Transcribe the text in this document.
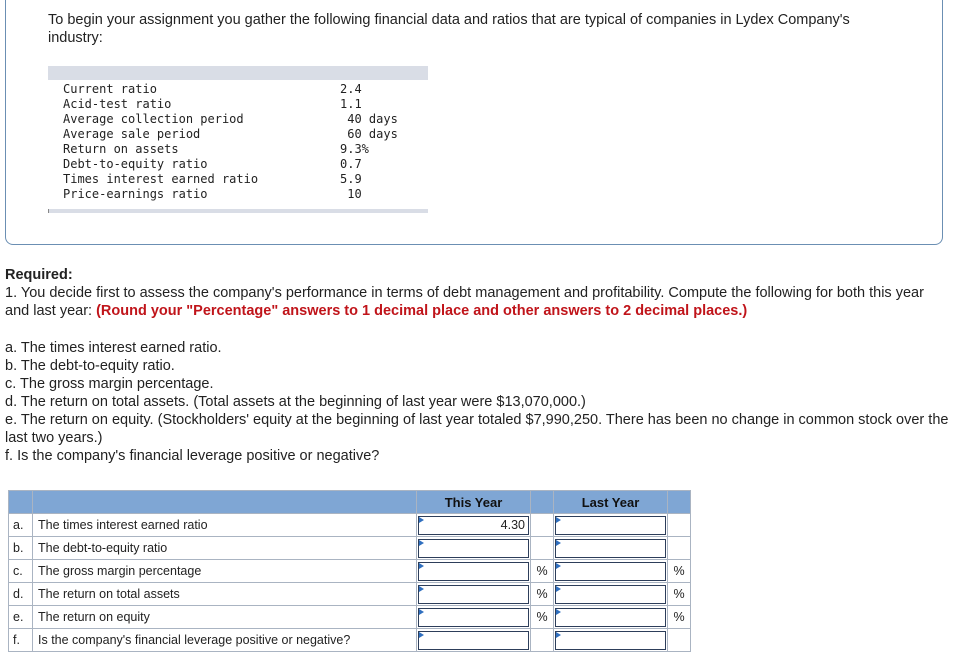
To begin your assignment you gather the following financial data and ratios that are typical of companies in Lydex Company's industry:
Current ratio	2.4
Acid-test ratio	1.1
Average collection period	40 days
Average sale period	60 days
Return on assets	9.3%
Debt-to-equity ratio	0.7
Times interest earned ratio	5.9
Price-earnings ratio	10
Required:
1. You decide first to assess the company's performance in terms of debt management and profitability. Compute the following for both this year and last year: (Round your "Percentage" answers to 1 decimal place and other answers to 2 decimal places.)
a. The times interest earned ratio.
b. The debt-to-equity ratio.
c. The gross margin percentage.
d. The return on total assets. (Total assets at the beginning of last year were $13,070,000.)
e. The return on equity. (Stockholders' equity at the beginning of last year totaled $7,990,250. There has been no change in common stock over the last two years.)
f. Is the company's financial leverage positive or negative?
		This Year		Last Year	
a.	The times interest earned ratio	4.30			

b.	The debt-to-equity ratio	

c.	The gross margin percentage		%		%
d.	The return on total assets		%		%
e.	The return on equity		%		%
f.	Is the company's financial leverage positive or negative?	
